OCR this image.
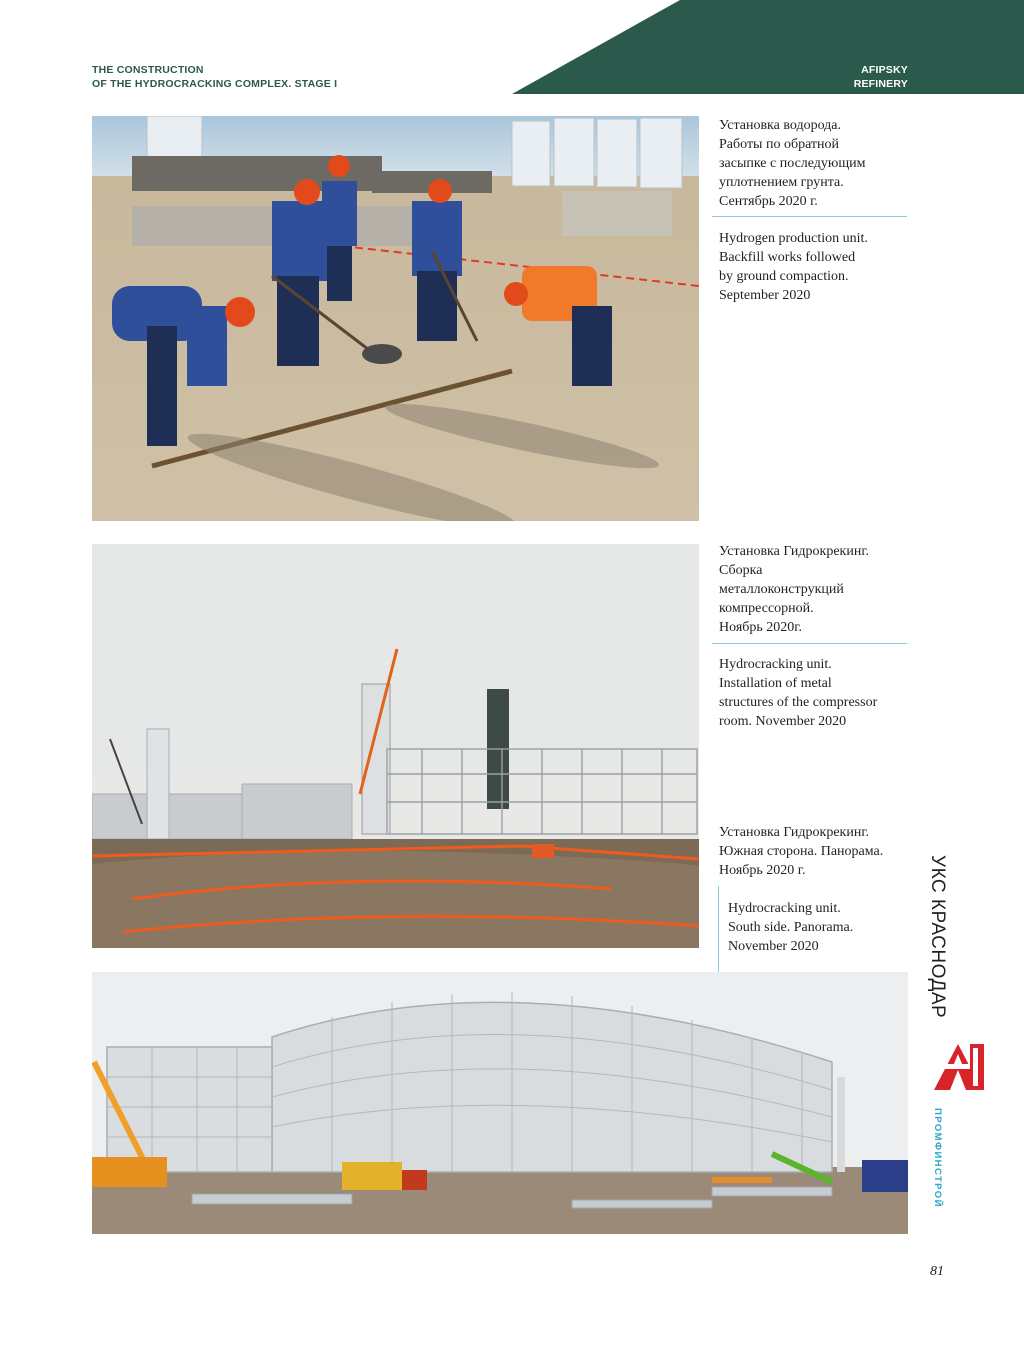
THE CONSTRUCTION
OF THE HYDROCRACKING COMPLEX. STAGE I
AFIPSKY
REFINERY
Установка водорода.
Работы по обратной
засыпке с последующим
уплотнением грунта.
Сентябрь 2020 г.
Hydrogen production unit.
Backfill works followed
by ground compaction.
September 2020
Установка Гидрокрекинг.
Сборка
металлоконструкций
компрессорной.
Ноябрь 2020г.
Hydrocracking unit.
Installation of metal
structures of the compressor
room. November 2020
Установка Гидрокрекинг.
Южная сторона. Панорама.
Ноябрь 2020 г.
Hydrocracking unit.
South side. Panorama.
November 2020	УКС КРАСНОДАР
ПРОМФИНСТРОЙ
81
